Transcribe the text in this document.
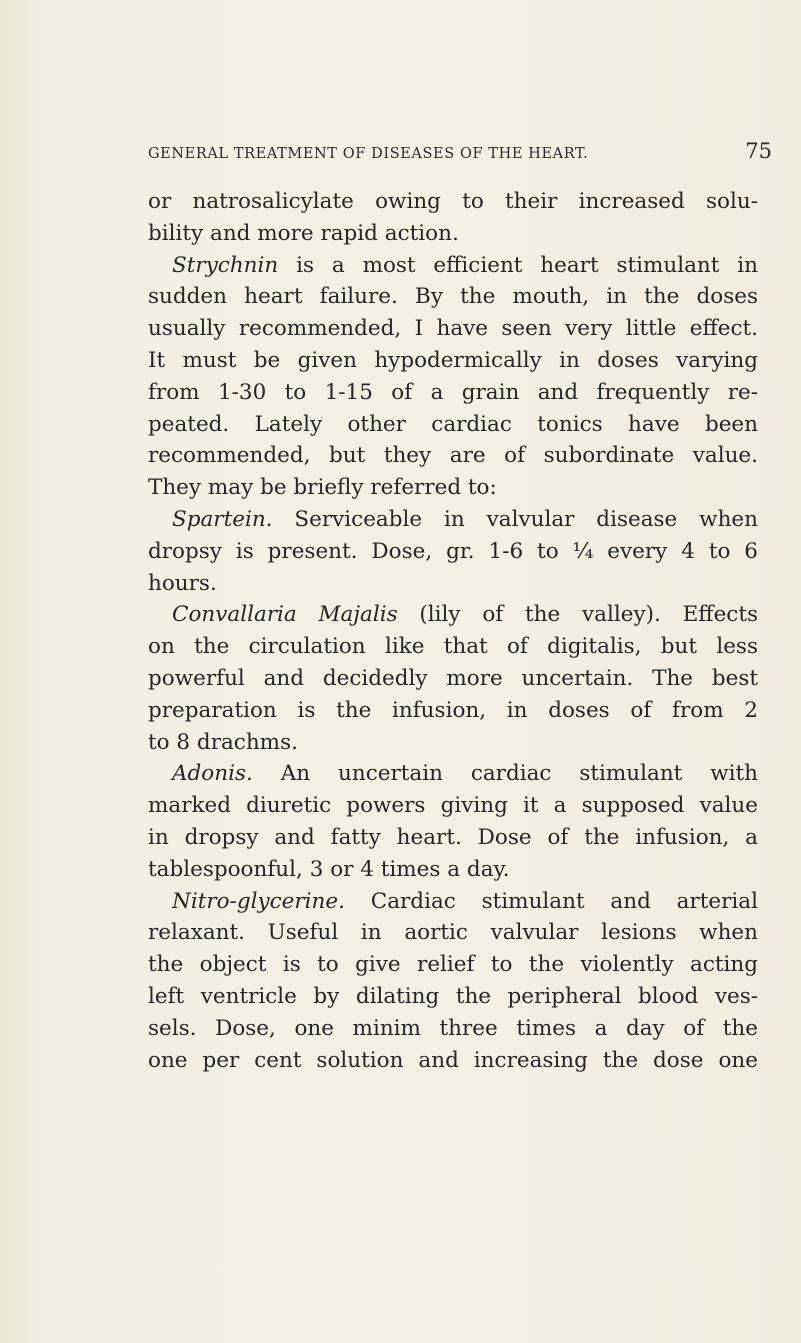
GENERAL TREATMENT OF DISEASES OF THE HEART.	75
or natrosalicylate owing to their increased solu-
bility and more rapid action.
Strychnin is a most efficient heart stimulant in
sudden heart failure. By the mouth, in the doses
usually recommended, I have seen very little effect.
It must be given hypodermically in doses varying
from 1-30 to 1-15 of a grain and frequently re-
peated. Lately other cardiac tonics have been
recommended, but they are of subordinate value.
They may be briefly referred to:
Spartein. Serviceable in valvular disease when
dropsy is present. Dose, gr. 1-6 to ¼ every 4 to 6
hours.
Convallaria Majalis (lily of the valley). Effects
on the circulation like that of digitalis, but less
powerful and decidedly more uncertain. The best
preparation is the infusion, in doses of from 2
to 8 drachms.
Adonis. An uncertain cardiac stimulant with
marked diuretic powers giving it a supposed value
in dropsy and fatty heart. Dose of the infusion, a
tablespoonful, 3 or 4 times a day.
Nitro-glycerine. Cardiac stimulant and arterial
relaxant. Useful in aortic valvular lesions when
the object is to give relief to the violently acting
left ventricle by dilating the peripheral blood ves-
sels. Dose, one minim three times a day of the
one per cent solution and increasing the dose one
